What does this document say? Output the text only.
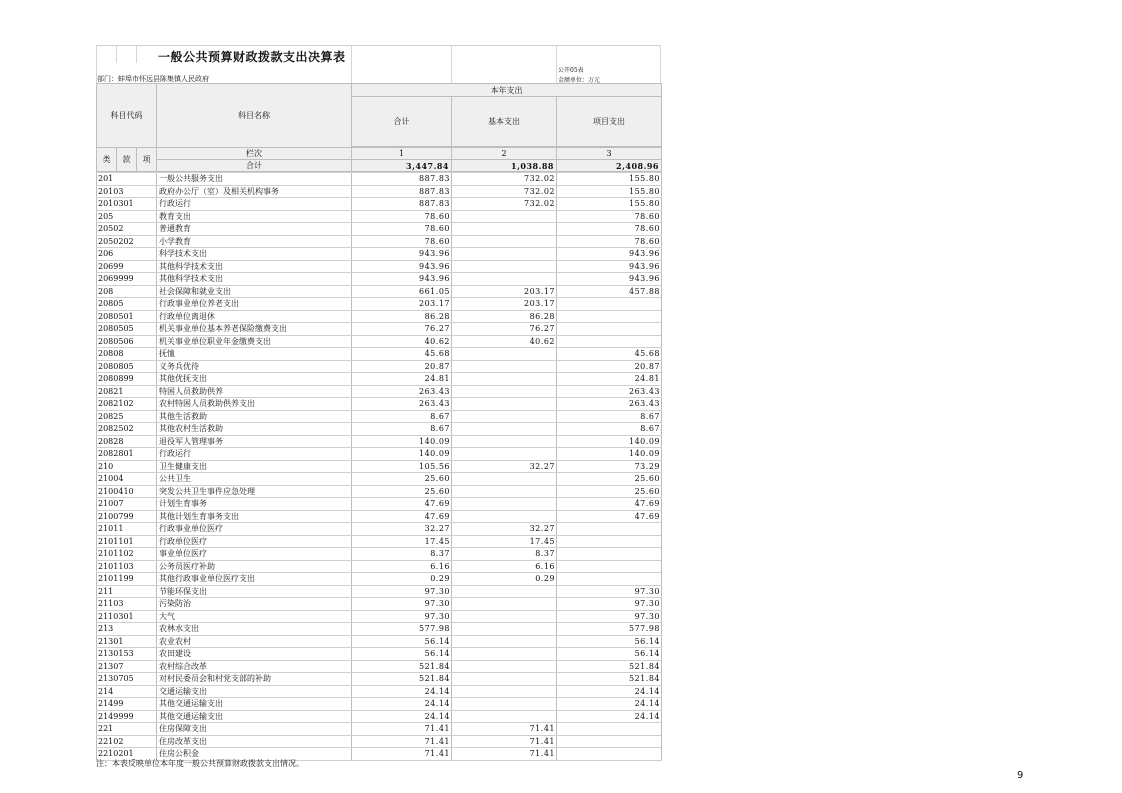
一般公共预算财政拨款支出决算表
公开05表
金额单位：万元
部门：蚌埠市怀远县陈集镇人民政府
科目代码			科目名称	本年支出		
				合计	基本支出	项目支出

类	款	项	栏次	1	2	3
			合计	3,447.84	1,038.88	2,408.96
201	一般公共服务支出	887.83	732.02	155.80
20103	政府办公厅（室）及相关机构事务	887.83	732.02	155.80
2010301	行政运行	887.83	732.02	155.80
205	教育支出	78.60		78.60
20502	普通教育	78.60		78.60
2050202	小学教育	78.60		78.60
206	科学技术支出	943.96		943.96
20699	其他科学技术支出	943.96		943.96
2069999	其他科学技术支出	943.96		943.96
208	社会保障和就业支出	661.05	203.17	457.88
20805	行政事业单位养老支出	203.17	203.17	
2080501	行政单位离退休	86.28	86.28	
2080505	机关事业单位基本养老保险缴费支出	76.27	76.27	
2080506	机关事业单位职业年金缴费支出	40.62	40.62	
20808	抚恤	45.68		45.68
2080805	义务兵优待	20.87		20.87
2080899	其他优抚支出	24.81		24.81
20821	特困人员救助供养	263.43		263.43
2082102	农村特困人员救助供养支出	263.43		263.43
20825	其他生活救助	8.67		8.67
2082502	其他农村生活救助	8.67		8.67
20828	退役军人管理事务	140.09		140.09
2082801	行政运行	140.09		140.09
210	卫生健康支出	105.56	32.27	73.29
21004	公共卫生	25.60		25.60
2100410	突发公共卫生事件应急处理	25.60		25.60
21007	计划生育事务	47.69		47.69
2100799	其他计划生育事务支出	47.69		47.69
21011	行政事业单位医疗	32.27	32.27	
2101101	行政单位医疗	17.45	17.45	
2101102	事业单位医疗	8.37	8.37	
2101103	公务员医疗补助	6.16	6.16	
2101199	其他行政事业单位医疗支出	0.29	0.29	
211	节能环保支出	97.30		97.30
21103	污染防治	97.30		97.30
2110301	大气	97.30		97.30
213	农林水支出	577.98		577.98
21301	农业农村	56.14		56.14
2130153	农田建设	56.14		56.14
21307	农村综合改革	521.84		521.84
2130705	对村民委员会和村党支部的补助	521.84		521.84
214	交通运输支出	24.14		24.14
21499	其他交通运输支出	24.14		24.14
2149999	其他交通运输支出	24.14		24.14
221	住房保障支出	71.41	71.41	
22102	住房改革支出	71.41	71.41	
2210201	住房公积金	71.41	71.41	
注：本表反映单位本年度一般公共预算财政拨款支出情况。
9
